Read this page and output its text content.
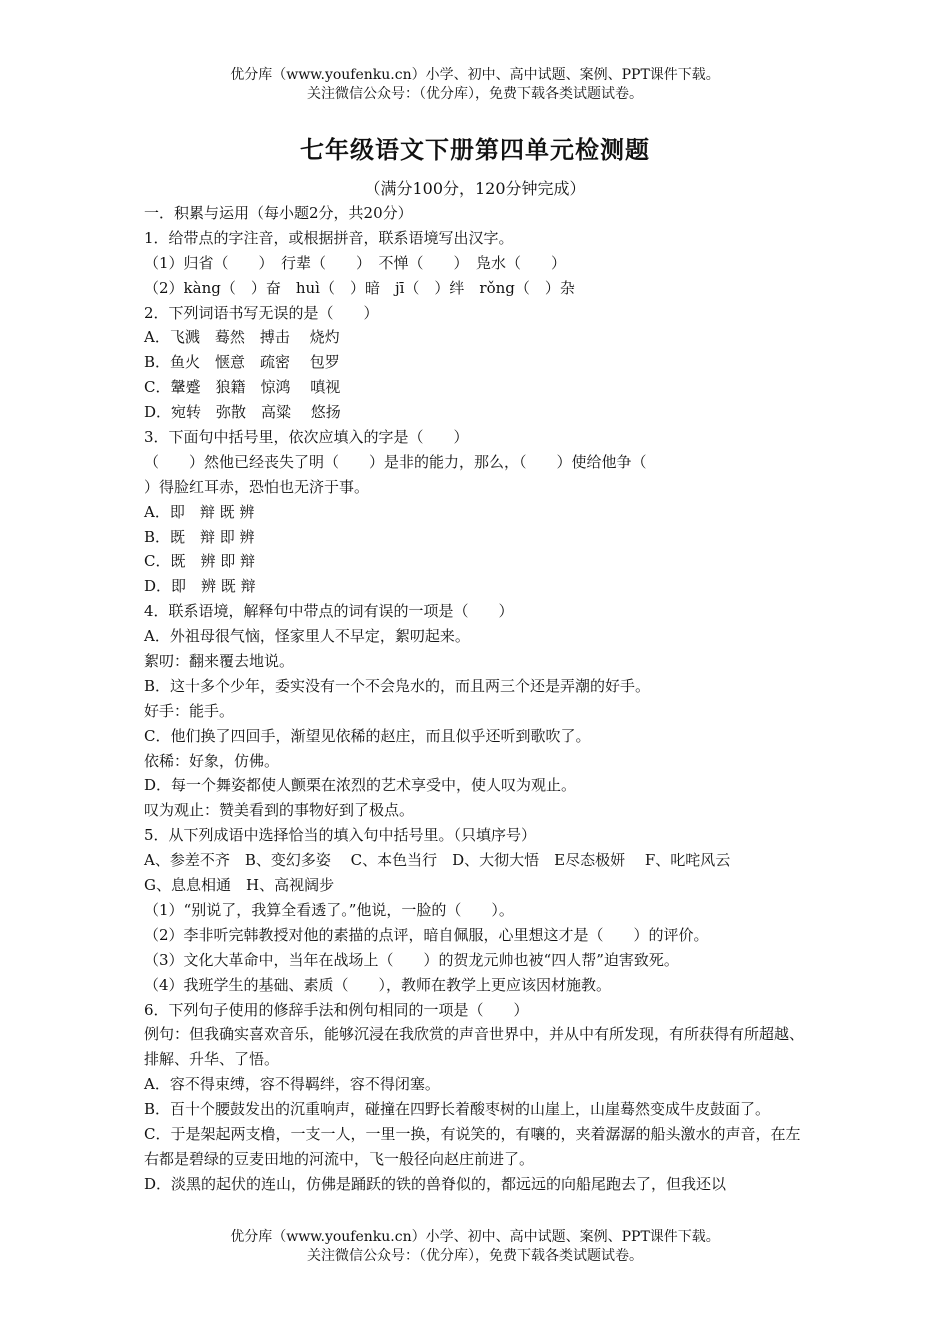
优分库（www.youfenku.cn）小学、初中、高中试题、案例、PPT课件下载。
关注微信公众号：（优分库），免费下载各类试题试卷。
七年级语文下册第四单元检测题
（满分100分，120分钟完成）
一．积累与运用（每小题2分，共20分）
1．给带点的字注音，或根据拼音，联系语境写出汉字。
（1）归省（　　）　行辈（　　）　不惮（　　）　凫水（　　）
（2）kàng（　）奋　huì（　）暗　jī（　）绊　rǒng（　）杂
2．下列词语书写无误的是（　　）
A．飞溅　蓦然　搏击　 烧灼
B．鱼火　惬意　疏密　 包罗
C．鞶蹙　狼籍　惊鸿　 嗔视
D．宛转　弥散　高粱　 悠扬
3．下面句中括号里，依次应填入的字是（　　）
（　　）然他已经丧失了明（　　）是非的能力，那么，（　　）使给他争（
）得脸红耳赤，恐怕也无济于事。
A．即　辩 既 辨
B．既　辩 即 辨
C．既　辨 即 辩
D．即　辨 既 辩
4．联系语境，解释句中带点的词有误的一项是（　　）
A．外祖母很气恼，怪家里人不早定，絮叨起来。
絮叨：翻来覆去地说。
B．这十多个少年，委实没有一个不会凫水的，而且两三个还是弄潮的好手。
好手：能手。
C．他们换了四回手，渐望见依稀的赵庄，而且似乎还听到歌吹了。
依稀：好象，仿佛。
D．每一个舞姿都使人颤栗在浓烈的艺术享受中，使人叹为观止。
叹为观止：赞美看到的事物好到了极点。
5．从下列成语中选择恰当的填入句中括号里。（只填序号）
A、参差不齐　B、变幻多姿　 C、本色当行　D、大彻大悟　E尽态极妍　 F、叱咤风云
G、息息相通　H、高视阔步
（1）“别说了，我算全看透了。”他说，一脸的（　　）。
（2）李非听完韩教授对他的素描的点评，暗自佩服，心里想这才是（　　）的评价。
（3）文化大革命中，当年在战场上（　　）的贺龙元帅也被“四人帮”迫害致死。
（4）我班学生的基础、素质（　　），教师在教学上更应该因材施教。
6．下列句子使用的修辞手法和例句相同的一项是（　　）
例句：但我确实喜欢音乐，能够沉浸在我欣赏的声音世界中，并从中有所发现，有所获得有所超越、排解、升华、了悟。
A．容不得束缚，容不得羁绊，容不得闭塞。
B．百十个腰鼓发出的沉重响声，碰撞在四野长着酸枣树的山崖上，山崖蓦然变成牛皮鼓面了。
C．于是架起两支橹，一支一人，一里一换，有说笑的，有嚷的，夹着潺潺的船头激水的声音，在左右都是碧绿的豆麦田地的河流中，飞一般径向赵庄前进了。
D．淡黑的起伏的连山，仿佛是踊跃的铁的兽脊似的，都远远的向船尾跑去了，但我还以
优分库（www.youfenku.cn）小学、初中、高中试题、案例、PPT课件下载。
关注微信公众号：（优分库），免费下载各类试题试卷。
